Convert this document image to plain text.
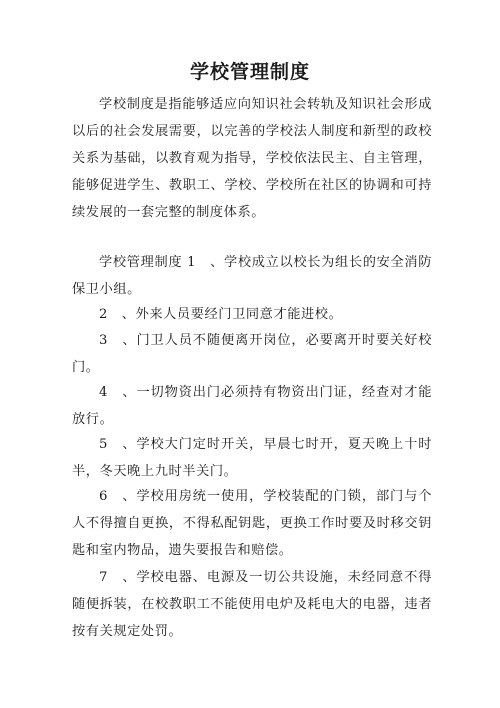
学校管理制度

学校制度是指能够适应向知识社会转轨及知识社会形成以后的社会发展需要，以完善的学校法人制度和新型的政校关系为基础，以教育观为指导，学校依法民主、自主管理，能够促进学生、教职工、学校、学校所在社区的协调和可持续发展的一套完整的制度体系。

学校管理制度 1　、学校成立以校长为组长的安全消防保卫小组。

2　、外来人员要经门卫同意才能进校。

3　、门卫人员不随便离开岗位，必要离开时要关好校门。

4　、一切物资出门必须持有物资出门证，经查对才能放行。

5　、学校大门定时开关，早晨七时开，夏天晚上十时半，冬天晚上九时半关门。

6　、学校用房统一使用，学校装配的门锁，部门与个人不得擅自更换，不得私配钥匙，更换工作时要及时移交钥匙和室内物品，遗失要报告和赔偿。

7　、学校电器、电源及一切公共设施，未经同意不得随便拆装，在校教职工不能使用电炉及耗电大的电器，违者按有关规定处罚。
